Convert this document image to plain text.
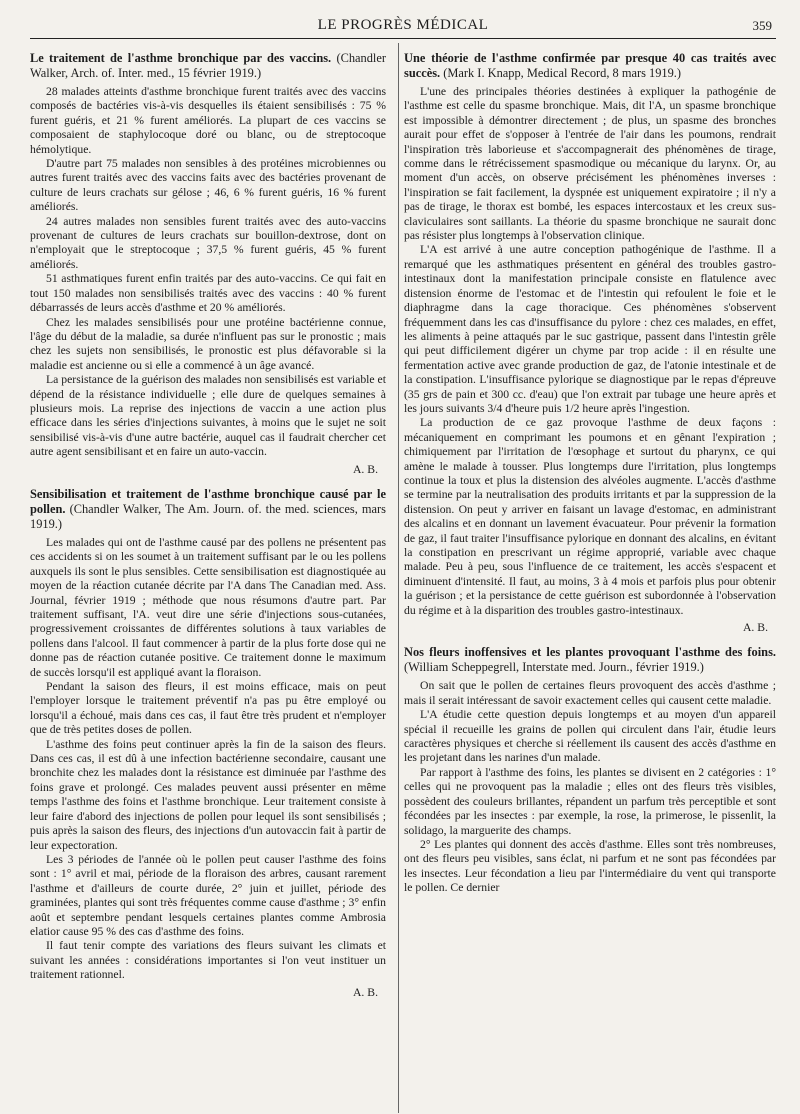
LE PROGRÈS MÉDICAL	359
Le traitement de l'asthme bronchique par des vaccins. (Chandler Walker, Arch. of. Inter. med., 15 février 1919.)

28 malades atteints d'asthme bronchique furent traités avec des vaccins composés de bactéries vis-à-vis desquelles ils étaient sensibilisés : 75 % furent guéris, et 21 % furent améliorés. La plupart de ces vaccins se composaient de staphylocoque doré ou blanc, ou de streptocoque hémolytique.

D'autre part 75 malades non sensibles à des protéines microbiennes ou autres furent traités avec des vaccins faits avec des bactéries provenant de culture de leurs crachats sur gélose ; 46, 6 % furent guéris, 16 % furent améliorés.

24 autres malades non sensibles furent traités avec des auto-vaccins provenant de cultures de leurs crachats sur bouillon-dextrose, dont on n'employait que le streptocoque ; 37,5 % furent guéris, 45 % furent améliorés.

51 asthmatiques furent enfin traités par des auto-vaccins. Ce qui fait en tout 150 malades non sensibilisés traités avec des vaccins : 40 % furent débarrassés de leurs accès d'asthme et 20 % améliorés.

Chez les malades sensibilisés pour une protéine bactérienne connue, l'âge du début de la maladie, sa durée n'influent pas sur le pronostic ; mais chez les sujets non sensibilisés, le pronostic est plus défavorable si la maladie est ancienne ou si elle a commencé à un âge avancé.

La persistance de la guérison des malades non sensibilisés est variable et dépend de la résistance individuelle ; elle dure de quelques semaines à plusieurs mois. La reprise des injections de vaccin a une action plus efficace dans les séries d'injections suivantes, à moins que le sujet ne soit sensibilisé vis-à-vis d'une autre bactérie, auquel cas il faudrait chercher cet autre agent sensibilisant et en faire un auto-vaccin.

A. B.
Sensibilisation et traitement de l'asthme bronchique causé par le pollen. (Chandler Walker, The Am. Journ. of. the med. sciences, mars 1919.)

Les malades qui ont de l'asthme causé par des pollens ne présentent pas ces accidents si on les soumet à un traitement suffisant par le ou les pollens auxquels ils sont le plus sensibles. Cette sensibilisation est diagnostiquée au moyen de la réaction cutanée décrite par l'A dans The Canadian med. Ass. Journal, février 1919 ; méthode que nous résumons d'autre part. Par traitement suffisant, l'A. veut dire une série d'injections sous-cutanées, progressivement croissantes de différentes solutions à taux variables de pollens dans l'alcool. Il faut commencer à partir de la plus forte dose qui ne donne pas de réaction cutanée positive. Ce traitement donne le maximum de succès lorsqu'il est appliqué avant la floraison.

Pendant la saison des fleurs, il est moins efficace, mais on peut l'employer lorsque le traitement préventif n'a pas pu être employé ou lorsqu'il a échoué, mais dans ces cas, il faut être très prudent et n'employer que de très petites doses de pollen.

L'asthme des foins peut continuer après la fin de la saison des fleurs. Dans ces cas, il est dû à une infection bactérienne secondaire, causant une bronchite chez les malades dont la résistance est diminuée par l'asthme des foins grave et prolongé. Ces malades peuvent aussi présenter en même temps l'asthme des foins et l'asthme bronchique. Leur traitement consiste à leur faire d'abord des injections de pollen pour lequel ils sont sensibilisés ; puis après la saison des fleurs, des injections d'un autovaccin fait à partir de leur expectoration.

Les 3 périodes de l'année où le pollen peut causer l'asthme des foins sont : 1° avril et mai, période de la floraison des arbres, causant rarement l'asthme et d'ailleurs de courte durée, 2° juin et juillet, période des graminées, plantes qui sont très fréquentes comme cause d'asthme ; 3° enfin août et septembre pendant lesquels certaines plantes comme Ambrosia elatior cause 95 % des cas d'asthme des foins.

Il faut tenir compte des variations des fleurs suivant les climats et suivant les années : considérations importantes si l'on veut instituer un traitement rationnel.

A. B.
Une théorie de l'asthme confirmée par presque 40 cas traités avec succès. (Mark I. Knapp, Medical Record, 8 mars 1919.)

L'une des principales théories destinées à expliquer la pathogénie de l'asthme est celle du spasme bronchique. Mais, dit l'A, un spasme bronchique est impossible à démontrer directement ; de plus, un spasme des bronches aurait pour effet de s'opposer à l'entrée de l'air dans les poumons, rendrait l'inspiration très laborieuse et s'accompagnerait des phénomènes de tirage, comme dans le rétrécissement spasmodique ou mécanique du larynx. Or, au moment d'un accès, on observe précisément les phénomènes inverses : l'inspiration se fait facilement, la dyspnée est uniquement expiratoire ; il n'y a pas de tirage, le thorax est bombé, les espaces intercostaux et les creux sus-claviculaires sont saillants. La théorie du spasme bronchique ne saurait donc pas résister plus longtemps à l'observation clinique.

L'A est arrivé à une autre conception pathogénique de l'asthme. Il a remarqué que les asthmatiques présentent en général des troubles gastro-intestinaux dont la manifestation principale consiste en flatulence avec distension énorme de l'estomac et de l'intestin qui refoulent le foie et le diaphragme dans la cage thoracique. Ces phénomènes s'observent fréquemment dans les cas d'insuffisance du pylore : chez ces malades, en effet, les aliments à peine attaqués par le suc gastrique, passent dans l'intestin grêle qui peut difficilement digérer un chyme par trop acide : il en résulte une fermentation active avec grande production de gaz, de l'atonie intestinale et de la constipation. L'insuffisance pylorique se diagnostique par le repas d'épreuve (35 grs de pain et 300 cc. d'eau) que l'on extrait par tubage une heure après et les jours suivants 3/4 d'heure puis 1/2 heure après l'ingestion.

La production de ce gaz provoque l'asthme de deux façons : mécaniquement en comprimant les poumons et en gênant l'expiration ; chimiquement par l'irritation de l'œsophage et surtout du pharynx, ce qui amène le malade à tousser. Plus longtemps dure l'irritation, plus longtemps continue la toux et plus la distension des alvéoles augmente. L'accès d'asthme se termine par la neutralisation des produits irritants et par la suppression de la distension. On peut y arriver en faisant un lavage d'estomac, en administrant des alcalins et en donnant un lavement évacuateur. Pour prévenir la formation de gaz, il faut traiter l'insuffisance pylorique en donnant des alcalins, en évitant la constipation en prescrivant un régime approprié, variable avec chaque malade. Peu à peu, sous l'influence de ce traitement, les accès s'espacent et diminuent d'intensité. Il faut, au moins, 3 à 4 mois et parfois plus pour obtenir la guérison ; et la persistance de cette guérison est subordonnée à l'observation du régime et à la disparition des troubles gastro-intestinaux.

A. B.
Nos fleurs inoffensives et les plantes provoquant l'asthme des foins. (William Scheppegrell, Interstate med. Journ., février 1919.)

On sait que le pollen de certaines fleurs provoquent des accès d'asthme ; mais il serait intéressant de savoir exactement celles qui causent cette maladie.

L'A étudie cette question depuis longtemps et au moyen d'un appareil spécial il recueille les grains de pollen qui circulent dans l'air, étudie leurs caractères physiques et cherche si réellement ils causent des accès d'asthme en les projetant dans les narines d'un malade.

Par rapport à l'asthme des foins, les plantes se divisent en 2 catégories : 1° celles qui ne provoquent pas la maladie ; elles ont des fleurs très visibles, possèdent des couleurs brillantes, répandent un parfum très perceptible et sont fécondées par les insectes : par exemple, la rose, la primerose, le pissenlit, la solidago, la marguerite des champs.

2° Les plantes qui donnent des accès d'asthme. Elles sont très nombreuses, ont des fleurs peu visibles, sans éclat, ni parfum et ne sont pas fécondées par les insectes. Leur fécondation a lieu par l'intermédiaire du vent qui transporte le pollen. Ce dernier
